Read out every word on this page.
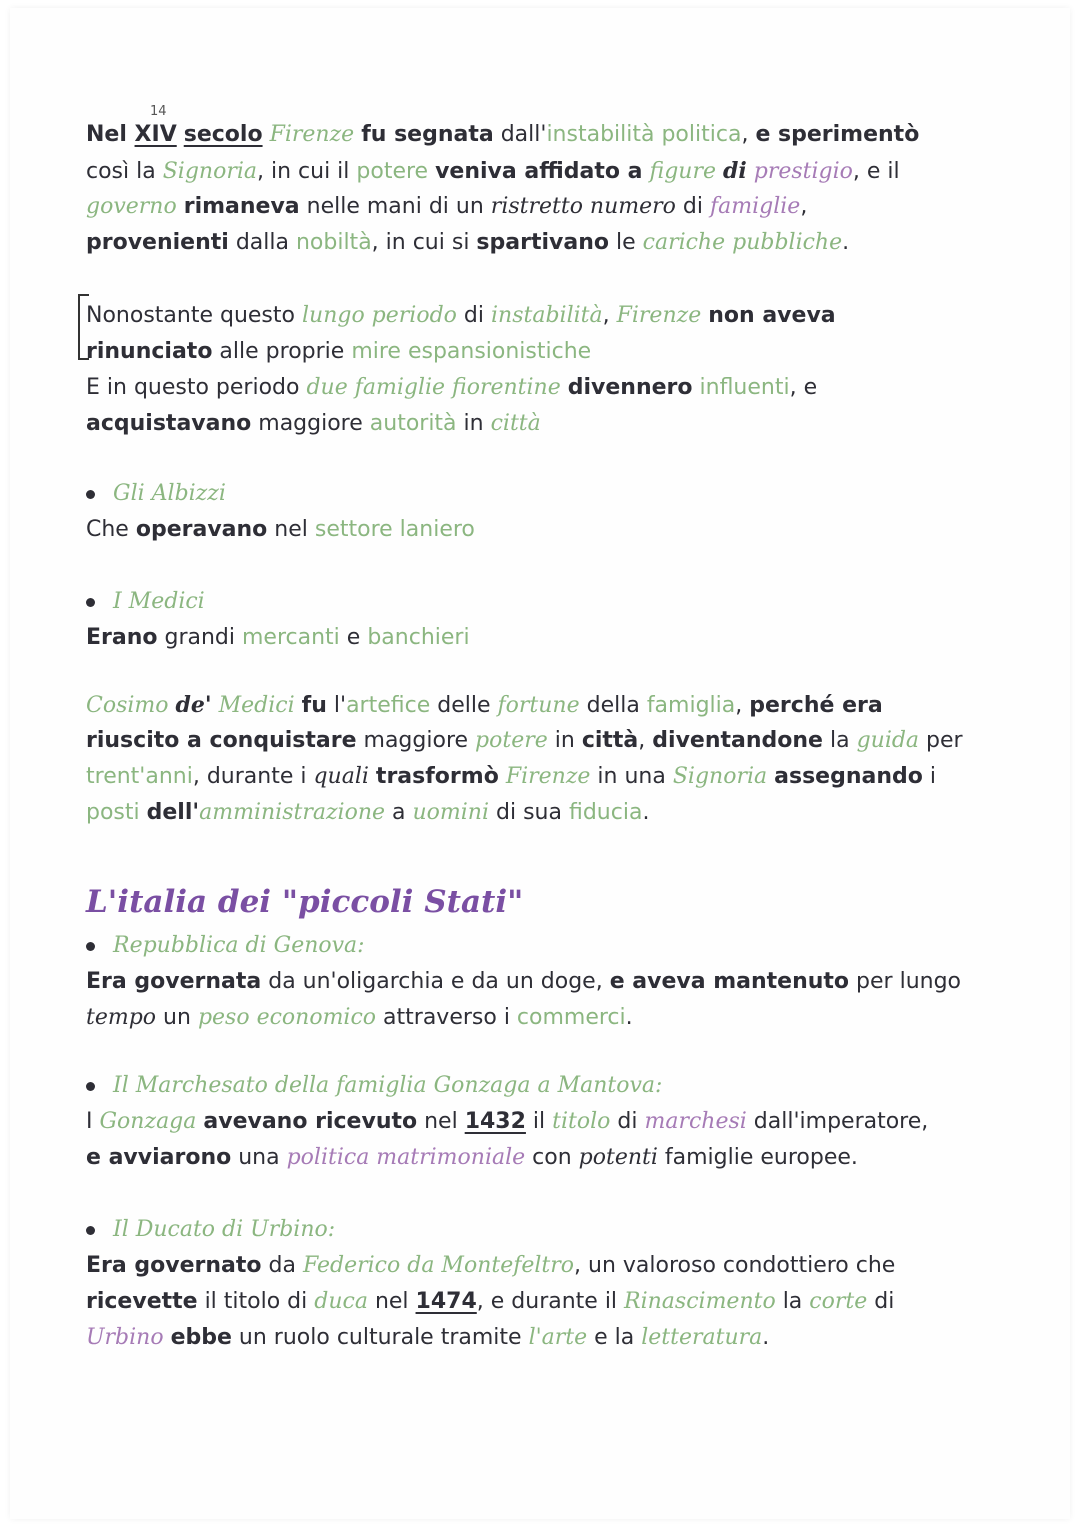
14
Nel XIV secolo Firenze fu segnata dall'instabilità politica, e sperimentò
così la Signoria, in cui il potere veniva affidato a figure di prestigio, e il
governo rimaneva nelle mani di un ristretto numero di famiglie,
provenienti dalla nobiltà, in cui si spartivano le cariche pubbliche.
Nonostante questo lungo periodo di instabilità, Firenze non aveva
rinunciato alle proprie mire espansionistiche
E in questo periodo due famiglie fiorentine divennero influenti, e
acquistavano maggiore autorità in città
Gli Albizzi
Che operavano nel settore laniero
I Medici
Erano grandi mercanti e banchieri
Cosimo de' Medici fu l'artefice delle fortune della famiglia, perché era
riuscito a conquistare maggiore potere in città, diventandone la guida per
trent'anni, durante i quali trasformò Firenze in una Signoria assegnando i
posti dell'amministrazione a uomini di sua fiducia.
L'italia dei "piccoli Stati"
Repubblica di Genova:
Era governata da un'oligarchia e da un doge, e aveva mantenuto per lungo
tempo un peso economico attraverso i commerci.
Il Marchesato della famiglia Gonzaga a Mantova:
I Gonzaga avevano ricevuto nel 1432 il titolo di marchesi dall'imperatore,
e avviarono una politica matrimoniale con potenti famiglie europee.
Il Ducato di Urbino:
Era governato da Federico da Montefeltro, un valoroso condottiero che
ricevette il titolo di duca nel 1474, e durante il Rinascimento la corte di
Urbino ebbe un ruolo culturale tramite l'arte e la letteratura.
